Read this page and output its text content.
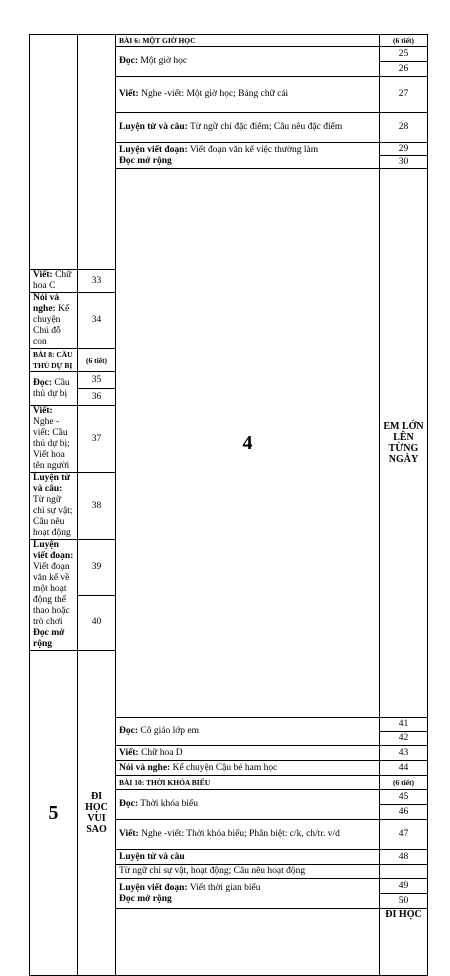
		BÀI 6: MỘT GIỜ HỌC	(6 tiết)	
		Đọc: Một giờ học	25	
			26	
		Viết: Nghe -viết: Một giờ học; Bảng chữ cái	27	
		Luyện từ và câu: Từ ngữ chỉ đặc điểm; Câu nêu đặc điểm	28	
		Luyện viết đoạn: Viết đoạn văn kể việc thường làm
Đọc mở rộng	29	
			30	
		4	EM LỚN LÊN TỪNG NGÀY		

Viết: Chữ hoa C	33			
Nói và nghe: Kể chuyện Chú đỗ con	34			
BÀI 8: CẦU THỦ DỰ BỊ	(6 tiết)			
Đọc: Cầu thủ dự bị	35			
	36			
Viết: Nghe -viết: Cầu thủ dự bị; Viết hoa tên người	37			
Luyện từ và câu: Từ ngữ chỉ sự vật; Câu nêu hoạt động	38			
Luyện viết đoạn: Viết đoạn văn kể về một hoạt động thể thao hoặc trò chơi
Đọc mở rộng	39			
	40			
5	ĐI HỌC VUI SAO		
		Đọc: Cô giáo lớp em	41	
			42	
		Viết: Chữ hoa D	43	
		Nói và nghe: Kể chuyện Cậu bé ham học	44	
		BÀI 10: THỜI KHÓA BIỂU	(6 tiết)	
		Đọc: Thời khóa biểu	45	
			46	
		Viết: Nghe -viết: Thời khóa biểu; Phân biệt: c/k, ch/tr. v/d	47	
		Luyện từ và câu	48	
		Từ ngữ chỉ sự vật, hoạt động; Câu nêu hoạt động		
		Luyện viết đoạn: Viết thời gian biểu
Đọc mở rộng	49	
			50	
			ĐI HỌC		
